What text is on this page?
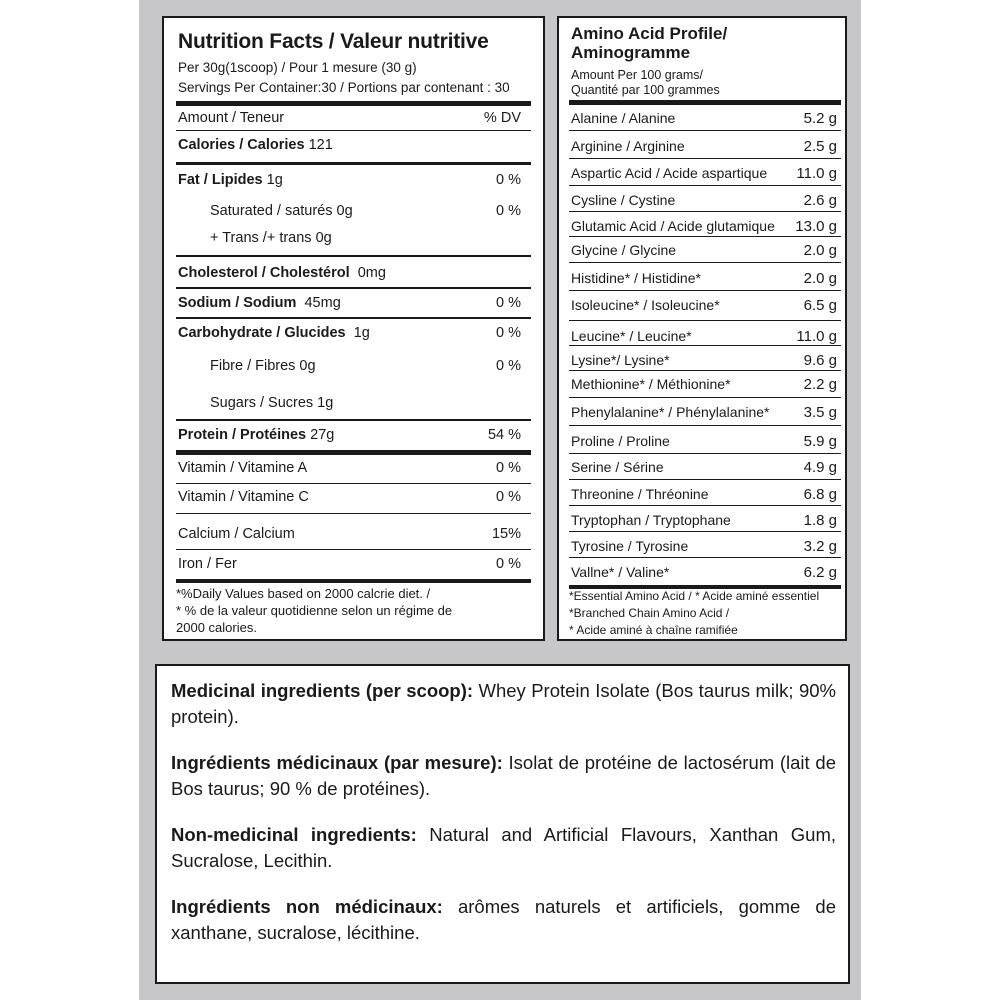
Nutrition Facts / Valeur nutritive
Per 30g(1scoop) / Pour 1 mesure (30 g)
Servings Per Container:30 / Portions par contenant : 30
Amount / Teneur	% DV
Calories / Calories 121
Fat / Lipides 1g	0 %
Saturated / saturés 0g	0 %
+ Trans /+ trans 0g
Cholesterol / Cholestérol 0mg
Sodium / Sodium 45mg	0 %
Carbohydrate / Glucides 1g	0 %
Fibre / Fibres 0g	0 %
Sugars / Sucres 1g
Protein / Protéines 27g	54 %
Vitamin / Vitamine A	0 %
Vitamin / Vitamine C	0 %
Calcium / Calcium	15%
Iron / Fer	0 %
*%Daily Values based on 2000 calcrie diet. /
* % de la valeur quotidienne selon un régime de
2000 calories.
Amino Acid Profile/
Aminogramme
Amount Per 100 grams/
Quantité par 100 grammes
Alanine / Alanine	5.2 g
Arginine / Arginine	2.5 g
Aspartic Acid / Acide aspartique 11.0 g
Cysline / Cystine	2.6 g
Glutamic Acid / Acide glutamique 13.0 g
Glycine / Glycine	2.0 g
Histidine* / Histidine*	2.0 g
Isoleucine* / Isoleucine*	6.5 g
Leucine* / Leucine*	11.0 g
Lysine*/ Lysine*	9.6 g
Methionine* / Méthionine*	2.2 g
Phenylalanine* / Phénylalanine* 3.5 g
Proline / Proline	5.9 g
Serine / Sérine	4.9 g
Threonine / Thréonine	6.8 g
Tryptophan / Tryptophane	1.8 g
Tyrosine / Tyrosine	3.2 g
Vallne* / Valine*	6.2 g
*Essential Amino Acid / * Acide aminé essentiel
*Branched Chain Amino Acid /
* Acide aminé à chaîne ramifiée

Medicinal ingredients (per scoop): Whey Protein Isolate (Bos taurus milk; 90% protein).

Ingrédients médicinaux (par mesure): Isolat de protéine de lactosérum (lait de Bos taurus; 90 % de protéines).

Non-medicinal ingredients: Natural and Artificial Flavours, Xanthan Gum, Sucralose, Lecithin.

Ingrédients non médicinaux: arômes naturels et artificiels, gomme de xanthane, sucralose, lécithine.
